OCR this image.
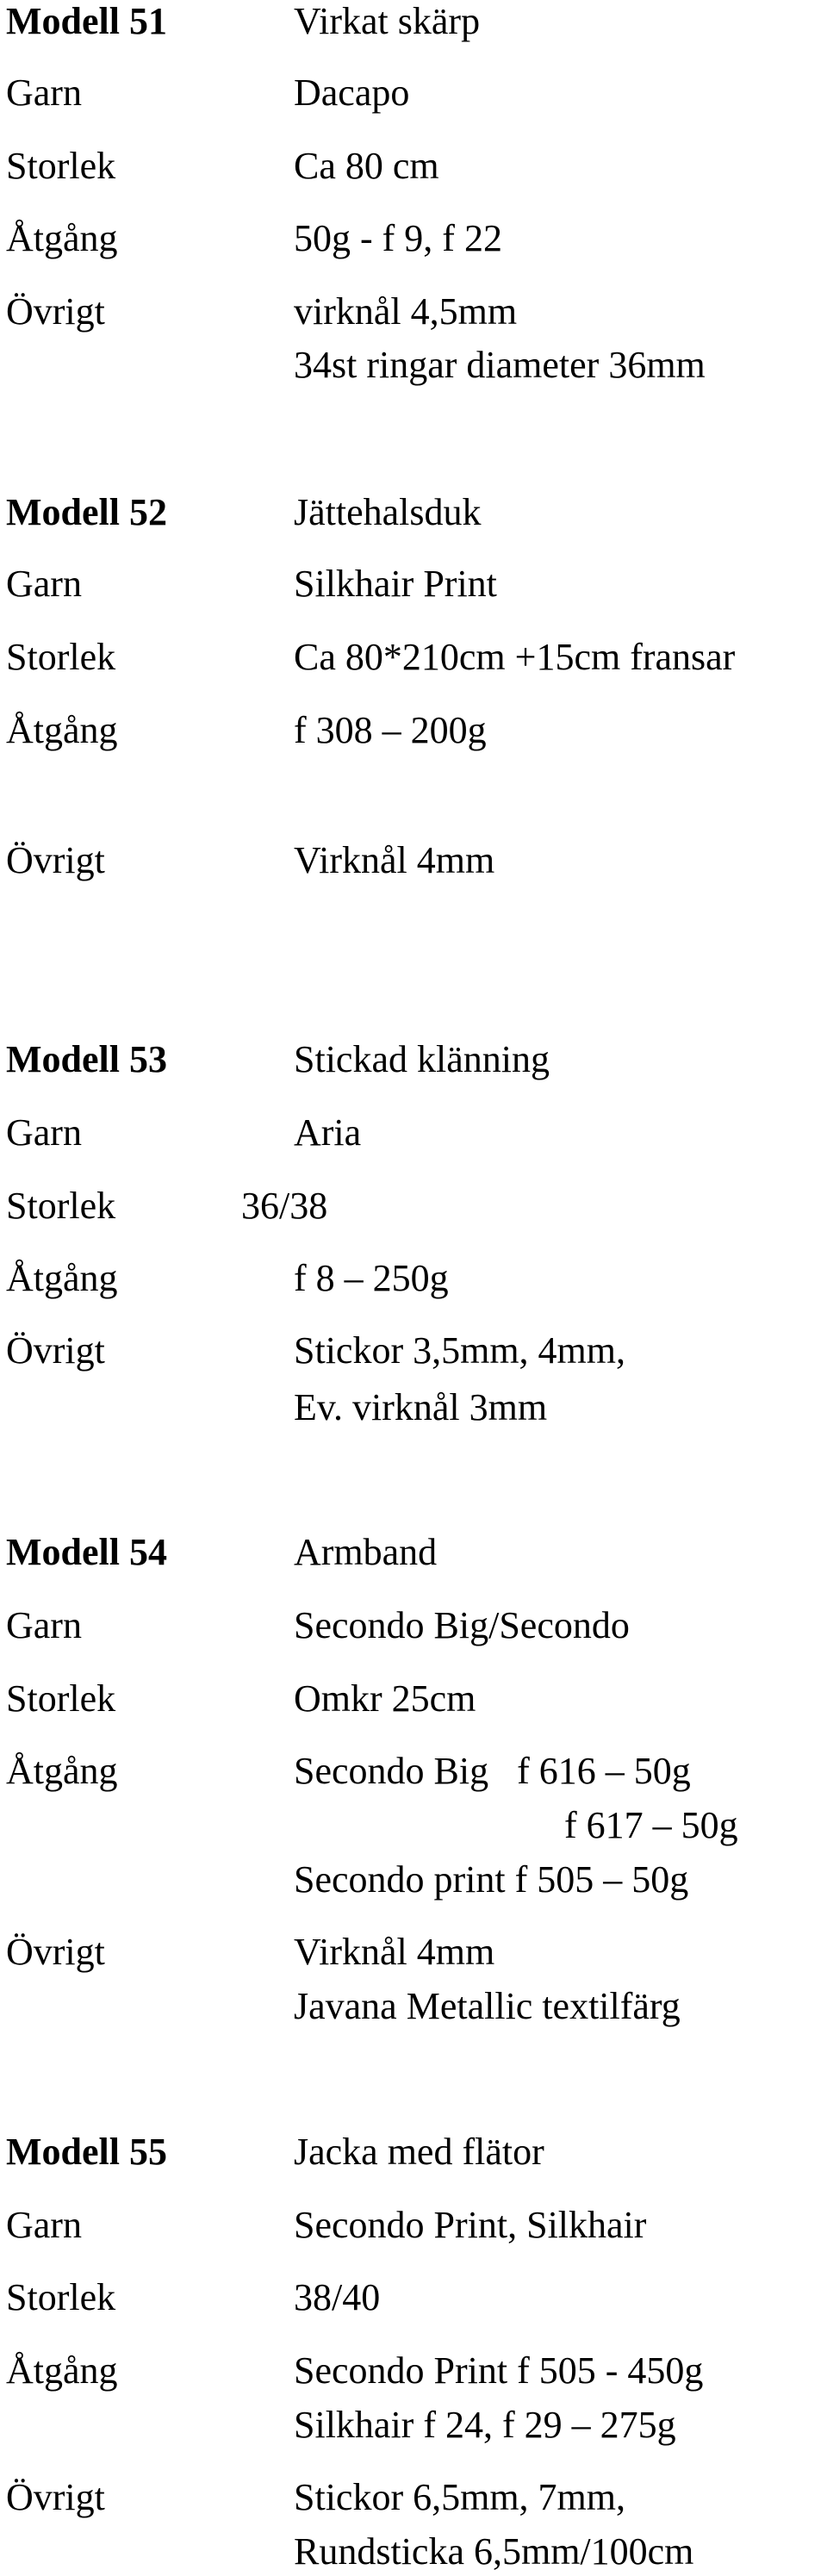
Modell 51	Virkat skärp
Garn	Dacapo
Storlek	Ca 80 cm
Åtgång	50g - f 9, f 22
Övrigt	virknål 4,5mm
34st ringar diameter 36mm
Modell 52	Jättehalsduk
Garn	Silkhair Print
Storlek	Ca 80*210cm +15cm fransar
Åtgång	f 308 – 200g
Övrigt	Virknål 4mm
Modell 53	Stickad klänning
Garn	Aria
Storlek	36/38
Åtgång	f 8 – 250g
Övrigt	Stickor 3,5mm, 4mm,
Ev. virknål 3mm
Modell 54	Armband
Garn	Secondo Big/Secondo
Storlek	Omkr 25cm
Åtgång	Secondo Big   f 616 – 50g
f 617 – 50g
Secondo print f 505 – 50g
Övrigt	Virknål 4mm
Javana Metallic textilfärg
Modell 55	Jacka med flätor
Garn	Secondo Print, Silkhair
Storlek	38/40
Åtgång	Secondo Print f 505 - 450g
Silkhair f 24, f 29 – 275g
Övrigt	Stickor 6,5mm, 7mm,
Rundsticka 6,5mm/100cm
